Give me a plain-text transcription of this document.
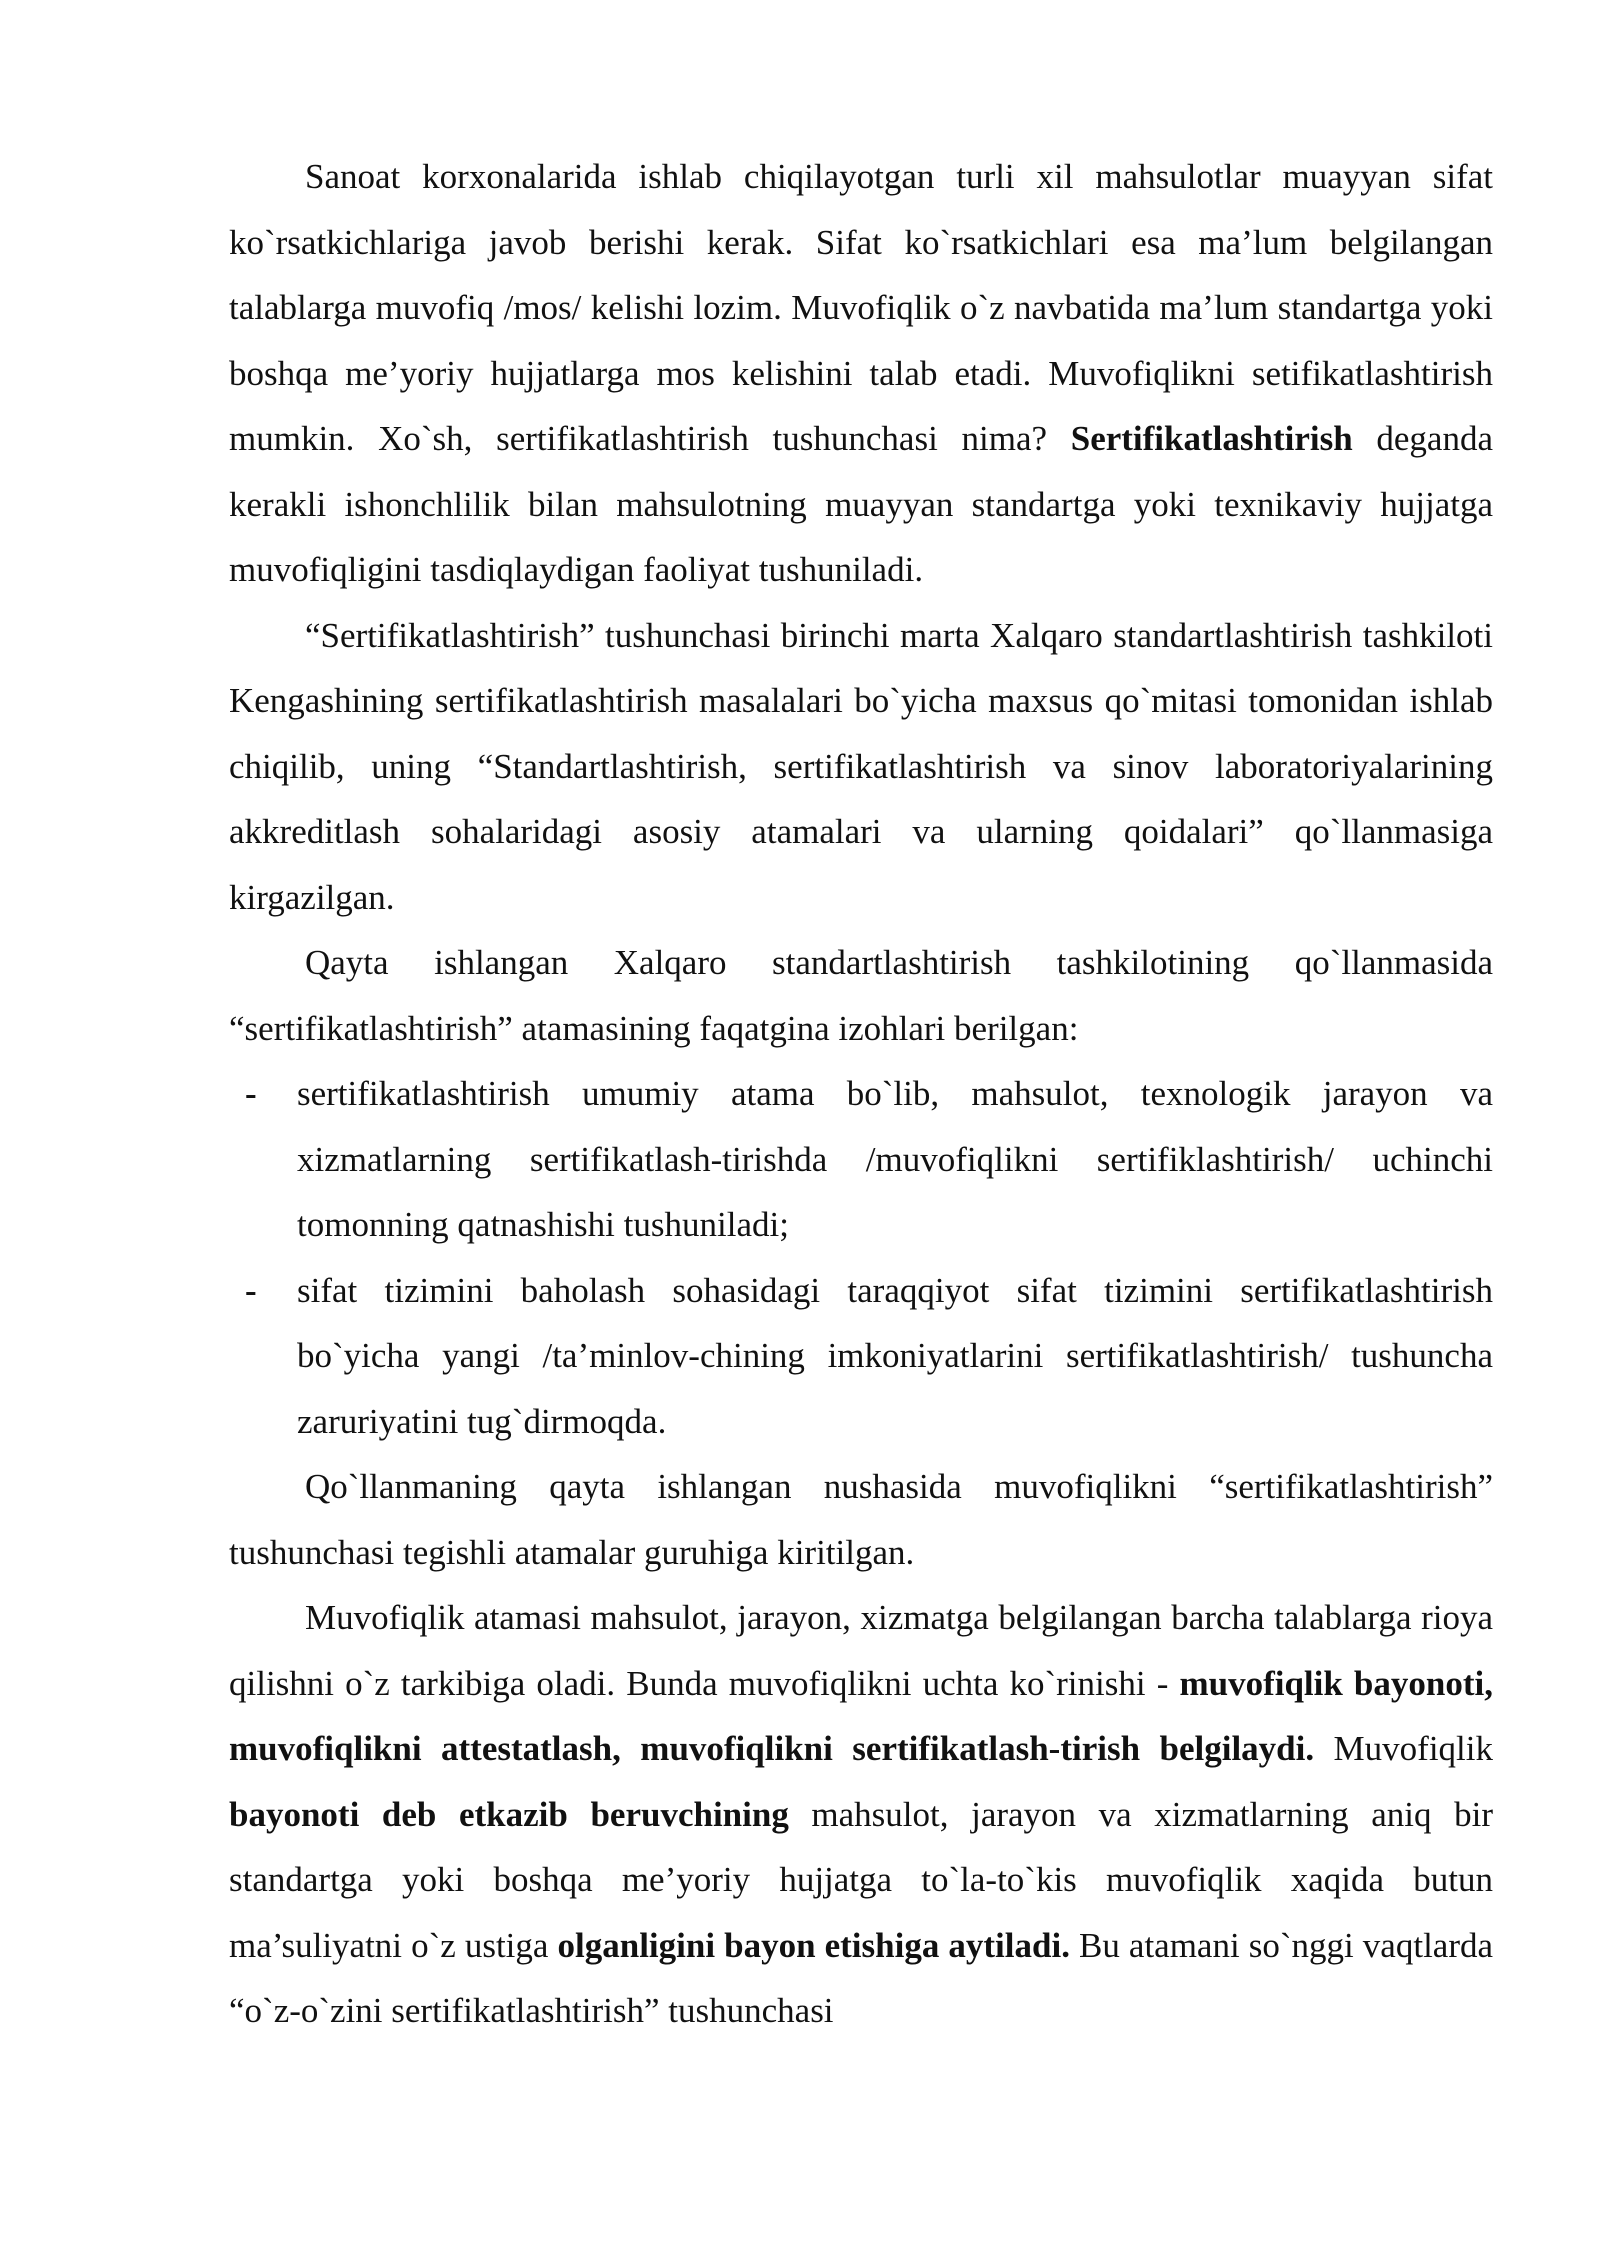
Sanoat korxonalarida ishlab chiqilayotgan turli xil mahsulotlar muayyan sifat ko`rsatkichlariga javob berishi kerak. Sifat ko`rsatkichlari esa ma’lum belgilangan talablarga muvofiq /mos/ kelishi lozim. Muvofiqlik o`z navbatida ma’lum standartga yoki boshqa me’yoriy hujjatlarga mos kelishini talab etadi. Muvofiqlikni setifikatlashtirish mumkin. Xo`sh, sertifikatlashtirish tushunchasi nima? Sertifikatlashtirish deganda kerakli ishonchlilik bilan mahsulotning muayyan standartga yoki texnikaviy hujjatga muvofiqligini tasdiqlaydigan faoliyat tushuniladi.

“Sertifikatlashtirish” tushunchasi birinchi marta Xalqaro standartlashtirish tashkiloti Kengashining sertifikatlashtirish masalalari bo`yicha maxsus qo`mitasi tomonidan ishlab chiqilib, uning “Standartlashtirish, sertifikatlashtirish va sinov laboratoriyalarining akkreditlash sohalaridagi asosiy atamalari va ularning qoidalari” qo`llanmasiga kirgazilgan.

Qayta ishlangan Xalqaro standartlashtirish tashkilotining qo`llanmasida “sertifikatlashtirish” atamasining faqatgina izohlari berilgan:

- sertifikatlashtirish umumiy atama bo`lib, mahsulot, texnologik jarayon va xizmatlarning sertifikatlash-tirishda /muvofiqlikni sertifiklashtirish/ uchinchi tomonning qatnashishi tushuniladi;
- sifat tizimini baholash sohasidagi taraqqiyot sifat tizimini sertifikatlashtirish bo`yicha yangi /ta’minlov-chining imkoniyatlarini sertifikatlashtirish/ tushuncha zaruriyatini tug`dirmoqda.

Qo`llanmaning qayta ishlangan nushasida muvofiqlikni “sertifikatlashtirish” tushunchasi tegishli atamalar guruhiga kiritilgan.

Muvofiqlik atamasi mahsulot, jarayon, xizmatga belgilangan barcha talablarga rioya qilishni o`z tarkibiga oladi. Bunda muvofiqlikni uchta ko`rinishi - muvofiqlik bayonoti, muvofiqlikni attestatlash, muvofiqlikni sertifikatlash-tirish belgilaydi. Muvofiqlik bayonoti deb etkazib beruvchining mahsulot, jarayon va xizmatlarning aniq bir standartga yoki boshqa me’yoriy hujjatga to`la-to`kis muvofiqlik xaqida butun ma’suliyatni o`z ustiga olganligini bayon etishiga aytiladi. Bu atamani so`nggi vaqtlarda “o`z-o`zini sertifikatlashtirish” tushunchasi
